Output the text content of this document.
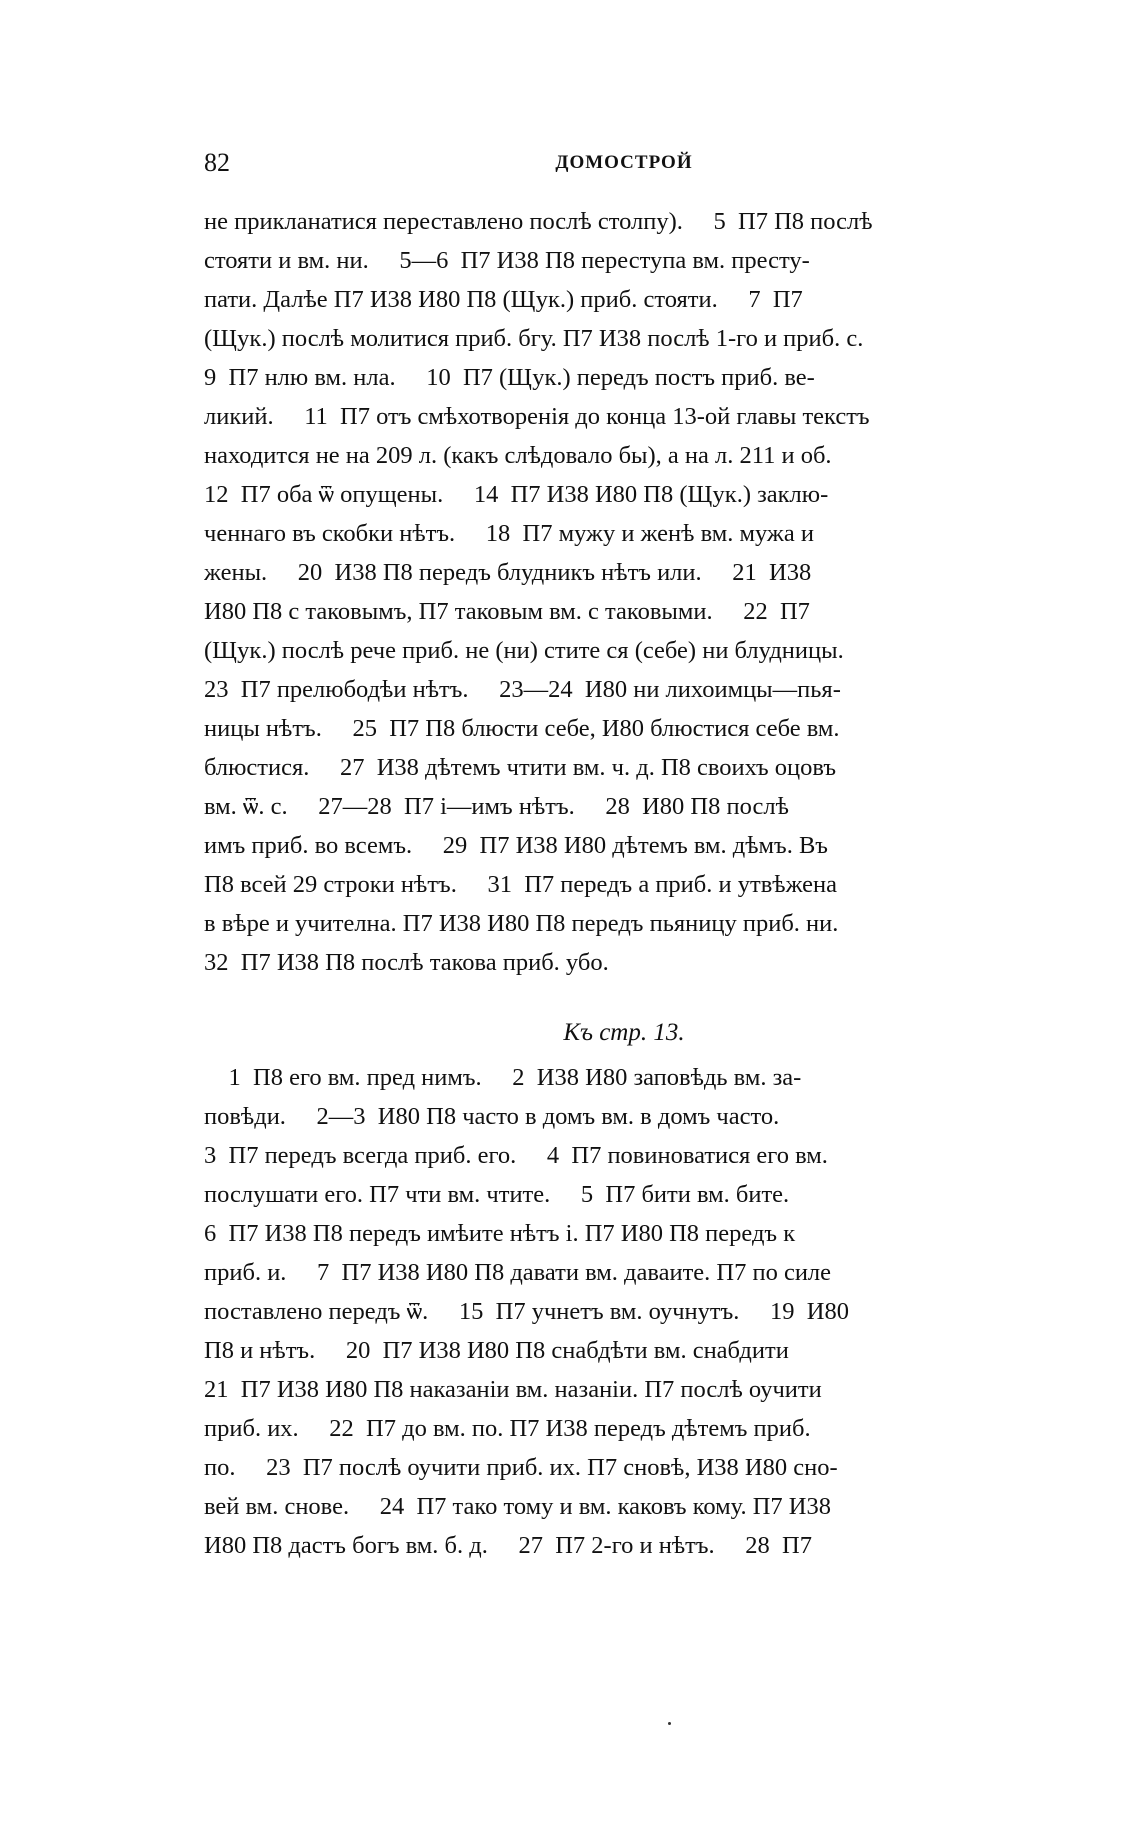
82	ДОМОСТРОЙ
не прикланатися переставлено послѣ столпу).     5  П7 П8 послѣ
стояти и вм. ни.     5—6  П7 И38 П8 переступа вм. престу-
пати. Далѣе П7 И38 И80 П8 (Щук.) приб. стояти.     7  П7
(Щук.) послѣ молитися приб. бгу. П7 И38 послѣ 1-го и приб. с.
9  П7 нлю вм. нла.     10  П7 (Щук.) передъ постъ приб. ве-
ликий.     11  П7 отъ смѣхотворенія до конца 13-ой главы текстъ
находится не на 209 л. (какъ слѣдовало бы), а на л. 211 и об.
12  П7 оба ѿ опущены.     14  П7 И38 И80 П8 (Щук.) заклю-
ченнаго въ скобки нѣтъ.     18  П7 мужу и женѣ вм. мужа и
жены.     20  И38 П8 передъ блудникъ нѣтъ или.     21  И38
И80 П8 с таковымъ, П7 таковым вм. с таковыми.     22  П7
(Щук.) послѣ рече приб. не (ни) стите ся (себе) ни блудницы.
23  П7 прелюбодѣи нѣтъ.     23—24  И80 ни лихоимцы—пья-
ницы нѣтъ.     25  П7 П8 блюсти себе, И80 блюстися себе вм.
блюстися.     27  И38 дѣтемъ чтити вм. ч. д. П8 своихъ оцовъ
вм. ѿ. с.     27—28  П7 і—имъ нѣтъ.     28  И80 П8 послѣ
имъ приб. во всемъ.     29  П7 И38 И80 дѣтемъ вм. дѣмъ. Въ
П8 всей 29 строки нѣтъ.     31  П7 передъ а приб. и утвѣжена
в вѣре и учителна. П7 И38 И80 П8 передъ пьяницу приб. ни.
32  П7 И38 П8 послѣ такова приб. убо.
Къ стр. 13.
1  П8 его вм. пред нимъ.     2  И38 И80 заповѣдь вм. за-
повѣди.     2—3  И80 П8 часто в домъ вм. в домъ часто.
3  П7 передъ всегда приб. его.     4  П7 повиноватися его вм.
послушати его. П7 чти вм. чтите.     5  П7 бити вм. бите.
6  П7 И38 П8 передъ имѣите нѣтъ і. П7 И80 П8 передъ к
приб. и.     7  П7 И38 И80 П8 давати вм. даваите. П7 по силе
поставлено передъ ѿ.     15  П7 учнетъ вм. оучнутъ.     19  И80
П8 и нѣтъ.     20  П7 И38 И80 П8 снабдѣти вм. снабдити
21  П7 И38 И80 П8 наказаніи вм. назаніи. П7 послѣ оучити
приб. их.     22  П7 до вм. по. П7 И38 передъ дѣтемъ приб.
по.     23  П7 послѣ оучити приб. их. П7 сновѣ, И38 И80 сно-
вей вм. снове.     24  П7 тако тому и вм. каковъ кому. П7 И38
И80 П8 дастъ богъ вм. б. д.     27  П7 2-го и нѣтъ.     28  П7
